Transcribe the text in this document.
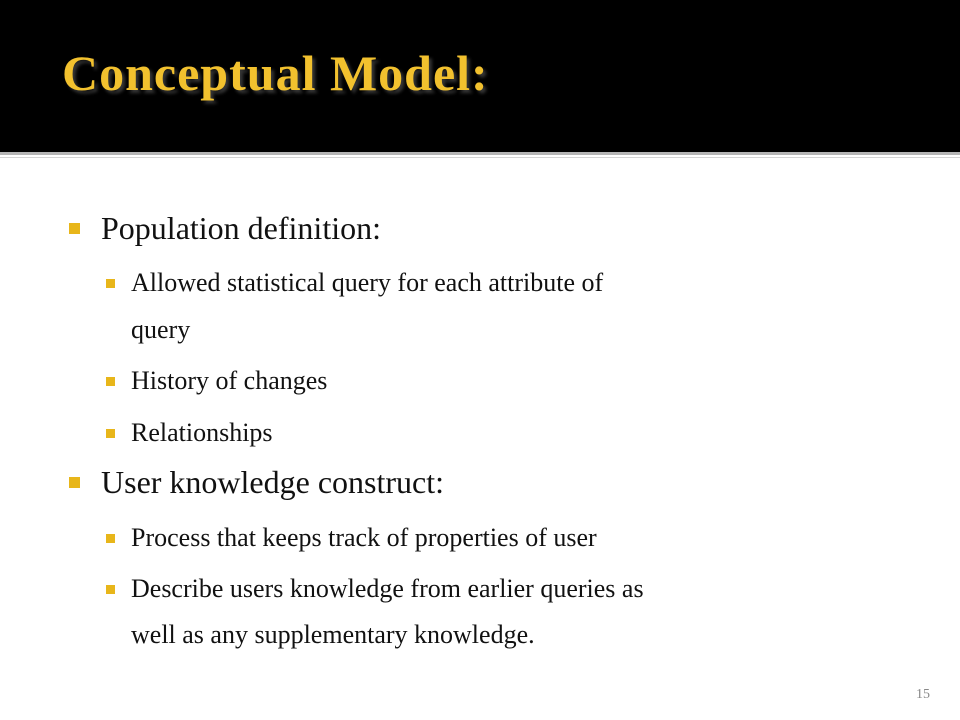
Conceptual Model:
Population definition:
Allowed statistical query for each attribute of
query
History of changes
Relationships
User knowledge construct:
Process that keeps track of properties of user
Describe users knowledge from earlier queries as
well as any supplementary knowledge.
15
